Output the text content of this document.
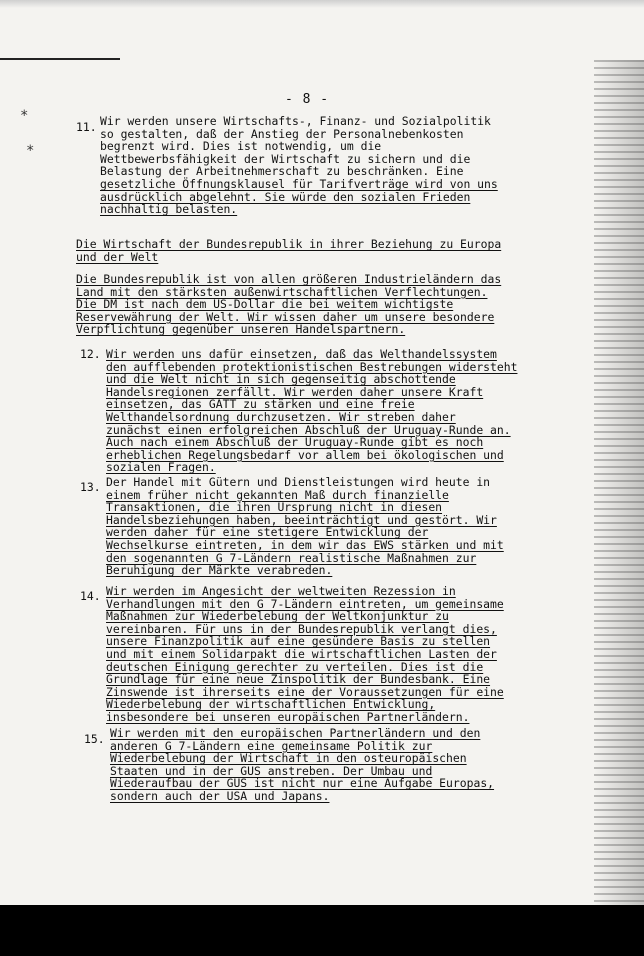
- 8 -
*
*
11. Wir werden unsere Wirtschafts-, Finanz- und Sozialpolitik
so gestalten, daß der Anstieg der Personalnebenkosten
begrenzt wird. Dies ist notwendig, um die
Wettbewerbsfähigkeit der Wirtschaft zu sichern und die
Belastung der Arbeitnehmerschaft zu beschränken. Eine
gesetzliche Öffnungsklausel für Tarifverträge wird von uns
ausdrücklich abgelehnt. Sie würde den sozialen Frieden
nachhaltig belasten.
Die Wirtschaft der Bundesrepublik in ihrer Beziehung zu Europa
und der Welt
Die Bundesrepublik ist von allen größeren Industrieländern das
Land mit den stärksten außenwirtschaftlichen Verflechtungen.
Die DM ist nach dem US-Dollar die bei weitem wichtigste
Reservewährung der Welt. Wir wissen daher um unsere besondere
Verpflichtung gegenüber unseren Handelspartnern.
12. Wir werden uns dafür einsetzen, daß das Welthandelssystem
den aufflebenden protektionistischen Bestrebungen widersteht
und die Welt nicht in sich gegenseitig abschottende
Handelsregionen zerfällt. Wir werden daher unsere Kraft
einsetzen, das GATT zu stärken und eine freie
Welthandelsordnung durchzusetzen. Wir streben daher
zunächst einen erfolgreichen Abschluß der Uruguay-Runde an.
Auch nach einem Abschluß der Uruguay-Runde gibt es noch
erheblichen Regelungsbedarf vor allem bei ökologischen und
sozialen Fragen.
13. Der Handel mit Gütern und Dienstleistungen wird heute in
einem früher nicht gekannten Maß durch finanzielle
Transaktionen, die ihren Ursprung nicht in diesen
Handelsbeziehungen haben, beeinträchtigt und gestört. Wir
werden daher für eine stetigere Entwicklung der
Wechselkurse eintreten, in dem wir das EWS stärken und mit
den sogenannten G 7-Ländern realistische Maßnahmen zur
Beruhigung der Märkte verabreden.
14. Wir werden im Angesicht der weltweiten Rezession in
Verhandlungen mit den G 7-Ländern eintreten, um gemeinsame
Maßnahmen zur Wiederbelebung der Weltkonjunktur zu
vereinbaren. Für uns in der Bundesrepublik verlangt dies,
unsere Finanzpolitik auf eine gesündere Basis zu stellen
und mit einem Solidarpakt die wirtschaftlichen Lasten der
deutschen Einigung gerechter zu verteilen. Dies ist die
Grundlage für eine neue Zinspolitik der Bundesbank. Eine
Zinswende ist ihrerseits eine der Voraussetzungen für eine
Wiederbelebung der wirtschaftlichen Entwicklung,
insbesondere bei unseren europäischen Partnerländern.
15. Wir werden mit den europäischen Partnerländern und den
anderen G 7-Ländern eine gemeinsame Politik zur
Wiederbelebung der Wirtschaft in den osteuropäischen
Staaten und in der GUS anstreben. Der Umbau und
Wiederaufbau der GUS ist nicht nur eine Aufgabe Europas,
sondern auch der USA und Japans.
